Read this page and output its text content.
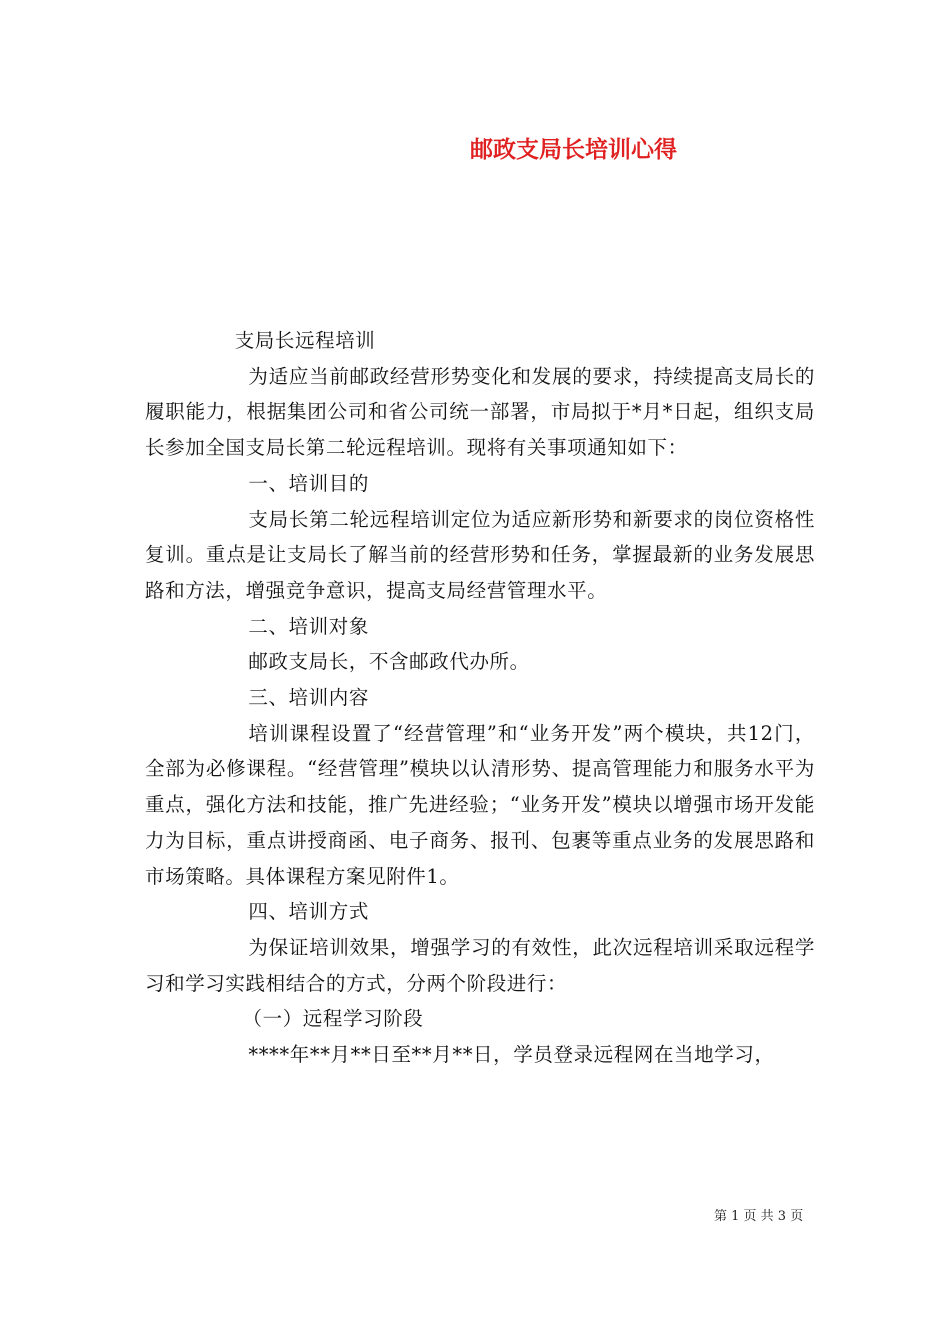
邮政支局长培训心得

支局长远程培训

为适应当前邮政经营形势变化和发展的要求，持续提高支局长的履职能力，根据集团公司和省公司统一部署，市局拟于*月*日起，组织支局长参加全国支局长第二轮远程培训。现将有关事项通知如下：

一、培训目的

支局长第二轮远程培训定位为适应新形势和新要求的岗位资格性复训。重点是让支局长了解当前的经营形势和任务，掌握最新的业务发展思路和方法，增强竞争意识，提高支局经营管理水平。

二、培训对象

邮政支局长，不含邮政代办所。

三、培训内容

培训课程设置了“经营管理”和“业务开发”两个模块，共12门，全部为必修课程。“经营管理”模块以认清形势、提高管理能力和服务水平为重点，强化方法和技能，推广先进经验；“业务开发”模块以增强市场开发能力为目标，重点讲授商函、电子商务、报刊、包裹等重点业务的发展思路和市场策略。具体课程方案见附件1。

四、培训方式

为保证培训效果，增强学习的有效性，此次远程培训采取远程学习和学习实践相结合的方式，分两个阶段进行：

（一）远程学习阶段

****年**月**日至**月**日，学员登录远程网在当地学习，

第 1 页 共 3 页
